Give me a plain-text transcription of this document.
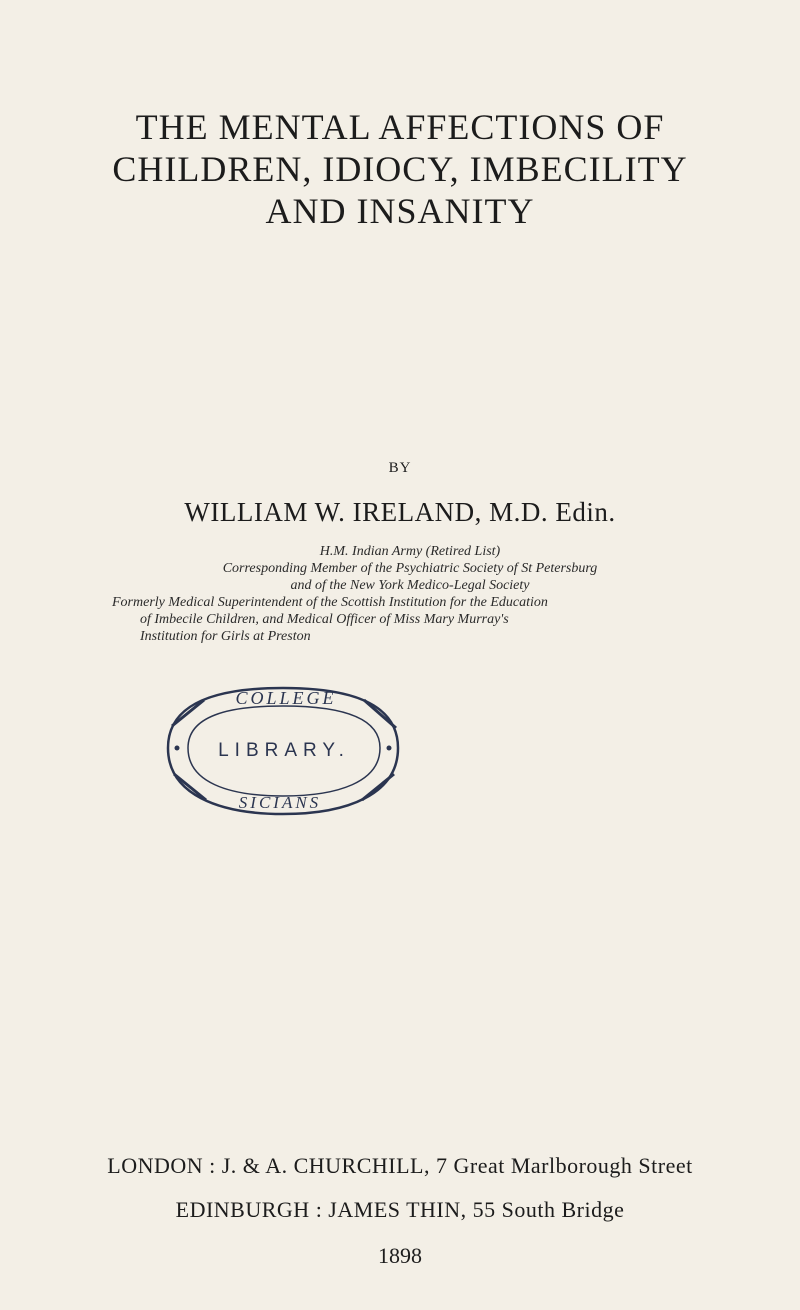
THE MENTAL AFFECTIONS OF
CHILDREN, IDIOCY, IMBECILITY
AND INSANITY
BY
WILLIAM W. IRELAND, M.D. Edin.
H.M. Indian Army (Retired List)
Corresponding Member of the Psychiatric Society of St Petersburg
and of the New York Medico-Legal Society
Formerly Medical Superintendent of the Scottish Institution for the Education
of Imbecile Children, and Medical Officer of Miss Mary Murray's
Institution for Girls at Preston
COLLEGE
LIBRARY.
SICIANS
LONDON : J. & A. CHURCHILL, 7 Great Marlborough Street
EDINBURGH : JAMES THIN, 55 South Bridge
1898
